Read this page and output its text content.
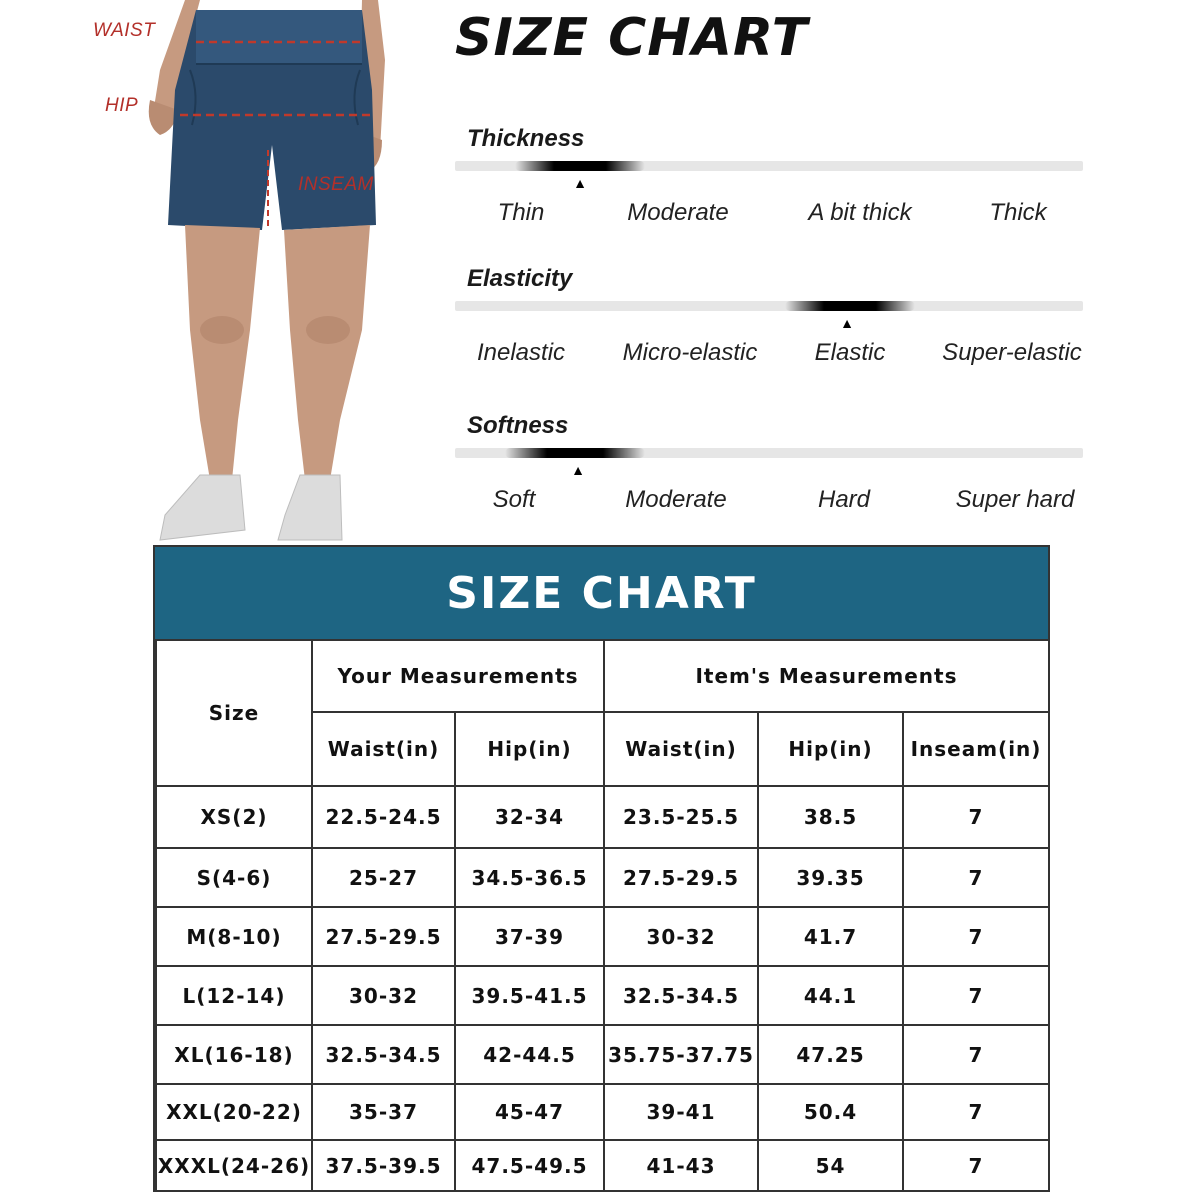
WAIST
HIP
INSEAM
SIZE CHART
Thickness
▲
Thin	Moderate	A bit thick	Thick
Elasticity
▲
Inelastic Micro-elastic Elastic Super-elastic
Softness
▲
Soft	Moderate	Hard	Super hard
SIZE CHART
Size	Your Measurements		Item's Measurements		
	Waist(in)	Hip(in)	Waist(in)	Hip(in)	Inseam(in)
XS(2)	22.5-24.5	32-34	23.5-25.5	38.5	7
S(4-6)	25-27	34.5-36.5	27.5-29.5	39.35	7
M(8-10)	27.5-29.5	37-39	30-32	41.7	7
L(12-14)	30-32	39.5-41.5	32.5-34.5	44.1	7
XL(16-18)	32.5-34.5	42-44.5	35.75-37.75	47.25	7
XXL(20-22)	35-37	45-47	39-41	50.4	7
XXXL(24-26)	37.5-39.5	47.5-49.5	41-43	54	7
